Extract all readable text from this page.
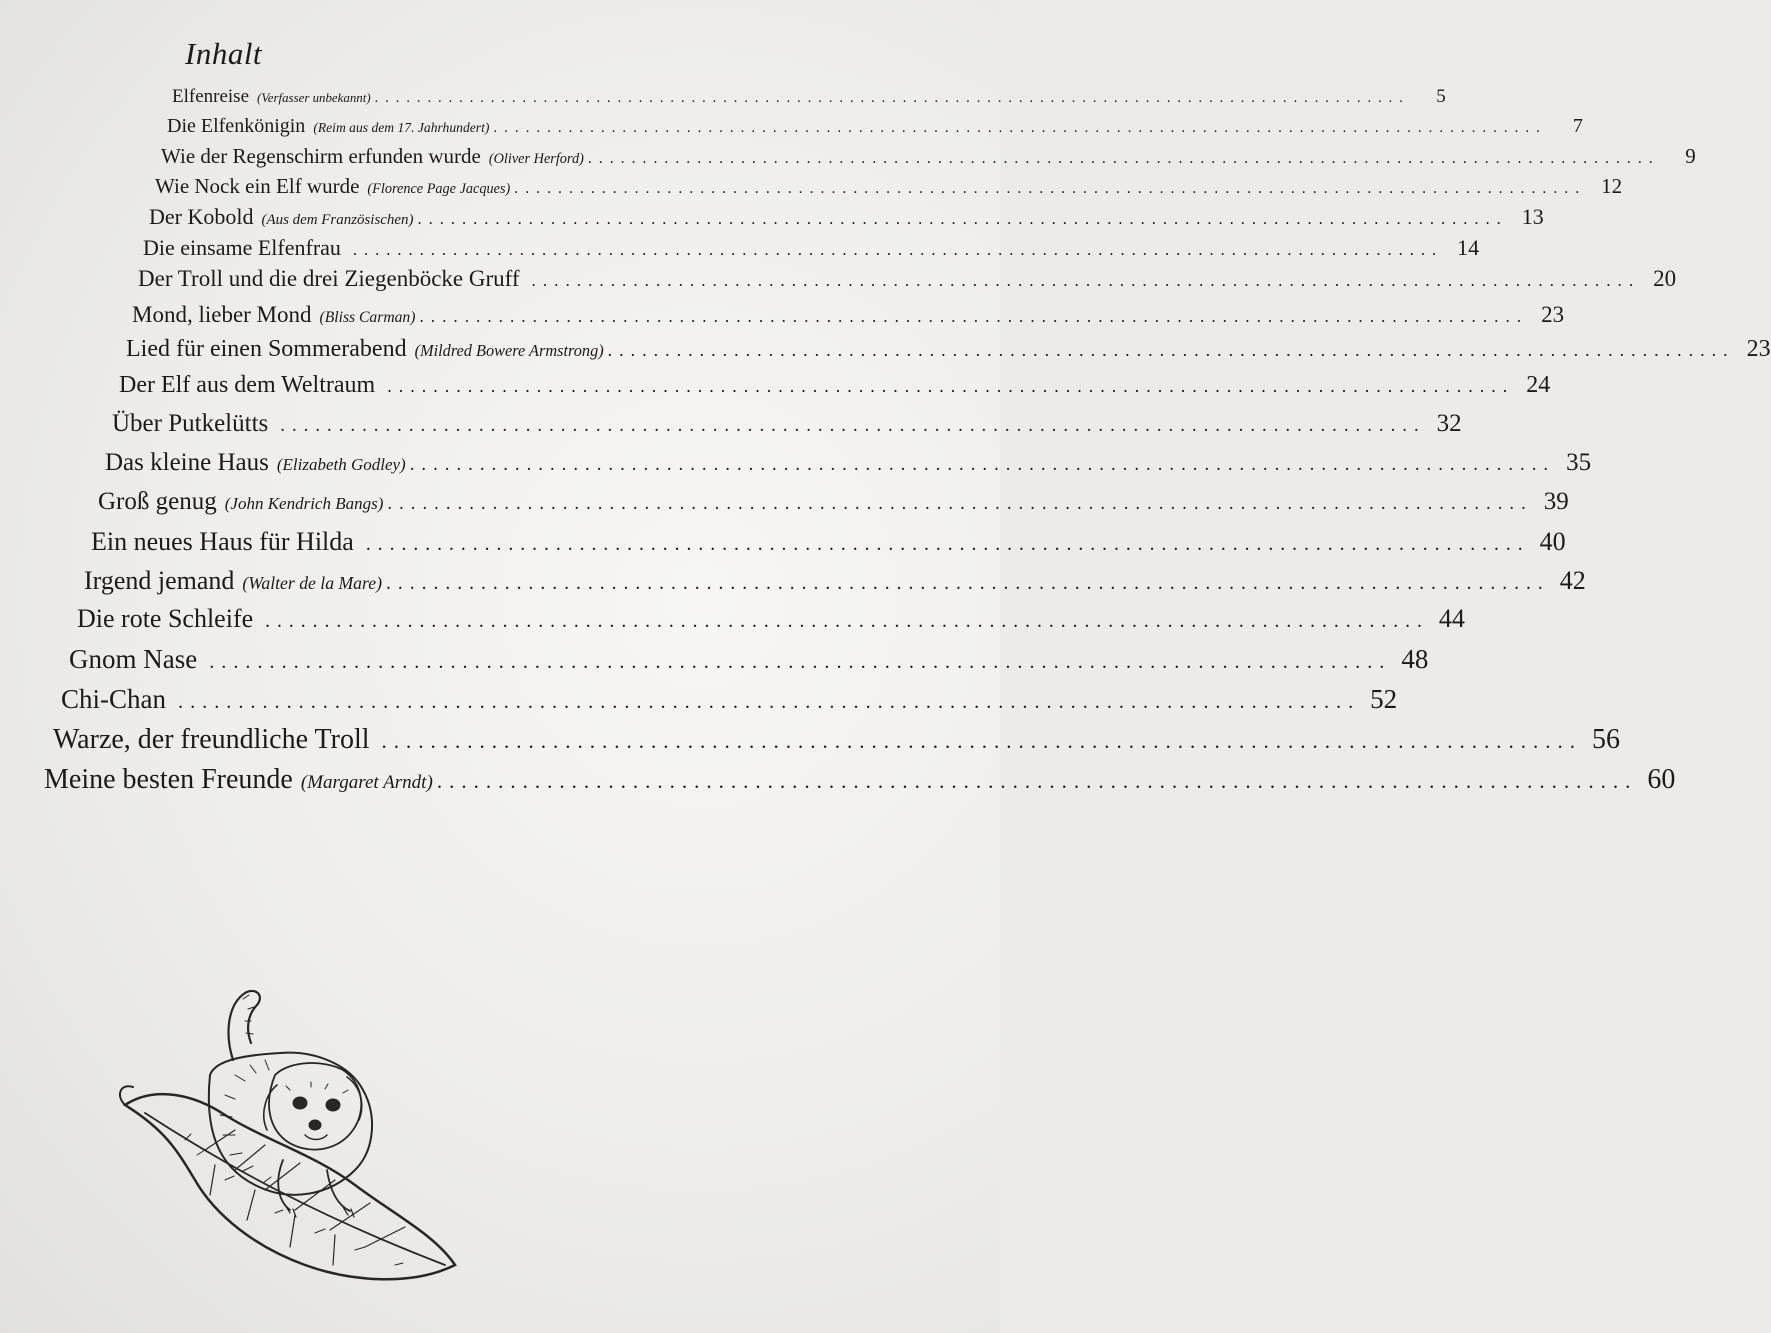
Inhalt
Elfenreise (Verfasser unbekannt) ..................................................................................................	5
Die Elfenkönigin (Reim aus dem 17. Jahrhundert) ..................................................................................................	7
Wie der Regenschirm erfunden wurde (Oliver Herford) ..................................................................................................	9
Wie Nock ein Elf wurde (Florence Page Jacques) .................................................................................................. 12
Der Kobold (Aus dem Französischen) .................................................................................................. 13
Die einsame Elfenfrau .................................................................................................. 14
Der Troll und die drei Ziegenböcke Gruff .................................................................................................. 20
Mond, lieber Mond (Bliss Carman) .................................................................................................. 23
Lied für einen Sommerabend (Mildred Bowere Armstrong) .................................................................................................. 23
Der Elf aus dem Weltraum .................................................................................................. 24
Über Putkelütts .................................................................................................. 32
Das kleine Haus (Elizabeth Godley) .................................................................................................. 35
Groß genug (John Kendrich Bangs) .................................................................................................. 39
Ein neues Haus für Hilda .................................................................................................. 40
Irgend jemand (Walter de la Mare) .................................................................................................. 42
Die rote Schleife .................................................................................................. 44
Gnom Nase .................................................................................................. 48
Chi-Chan .................................................................................................. 52
Warze, der freundliche Troll .................................................................................................. 56
Meine besten Freunde (Margaret Arndt) .................................................................................................. 60
